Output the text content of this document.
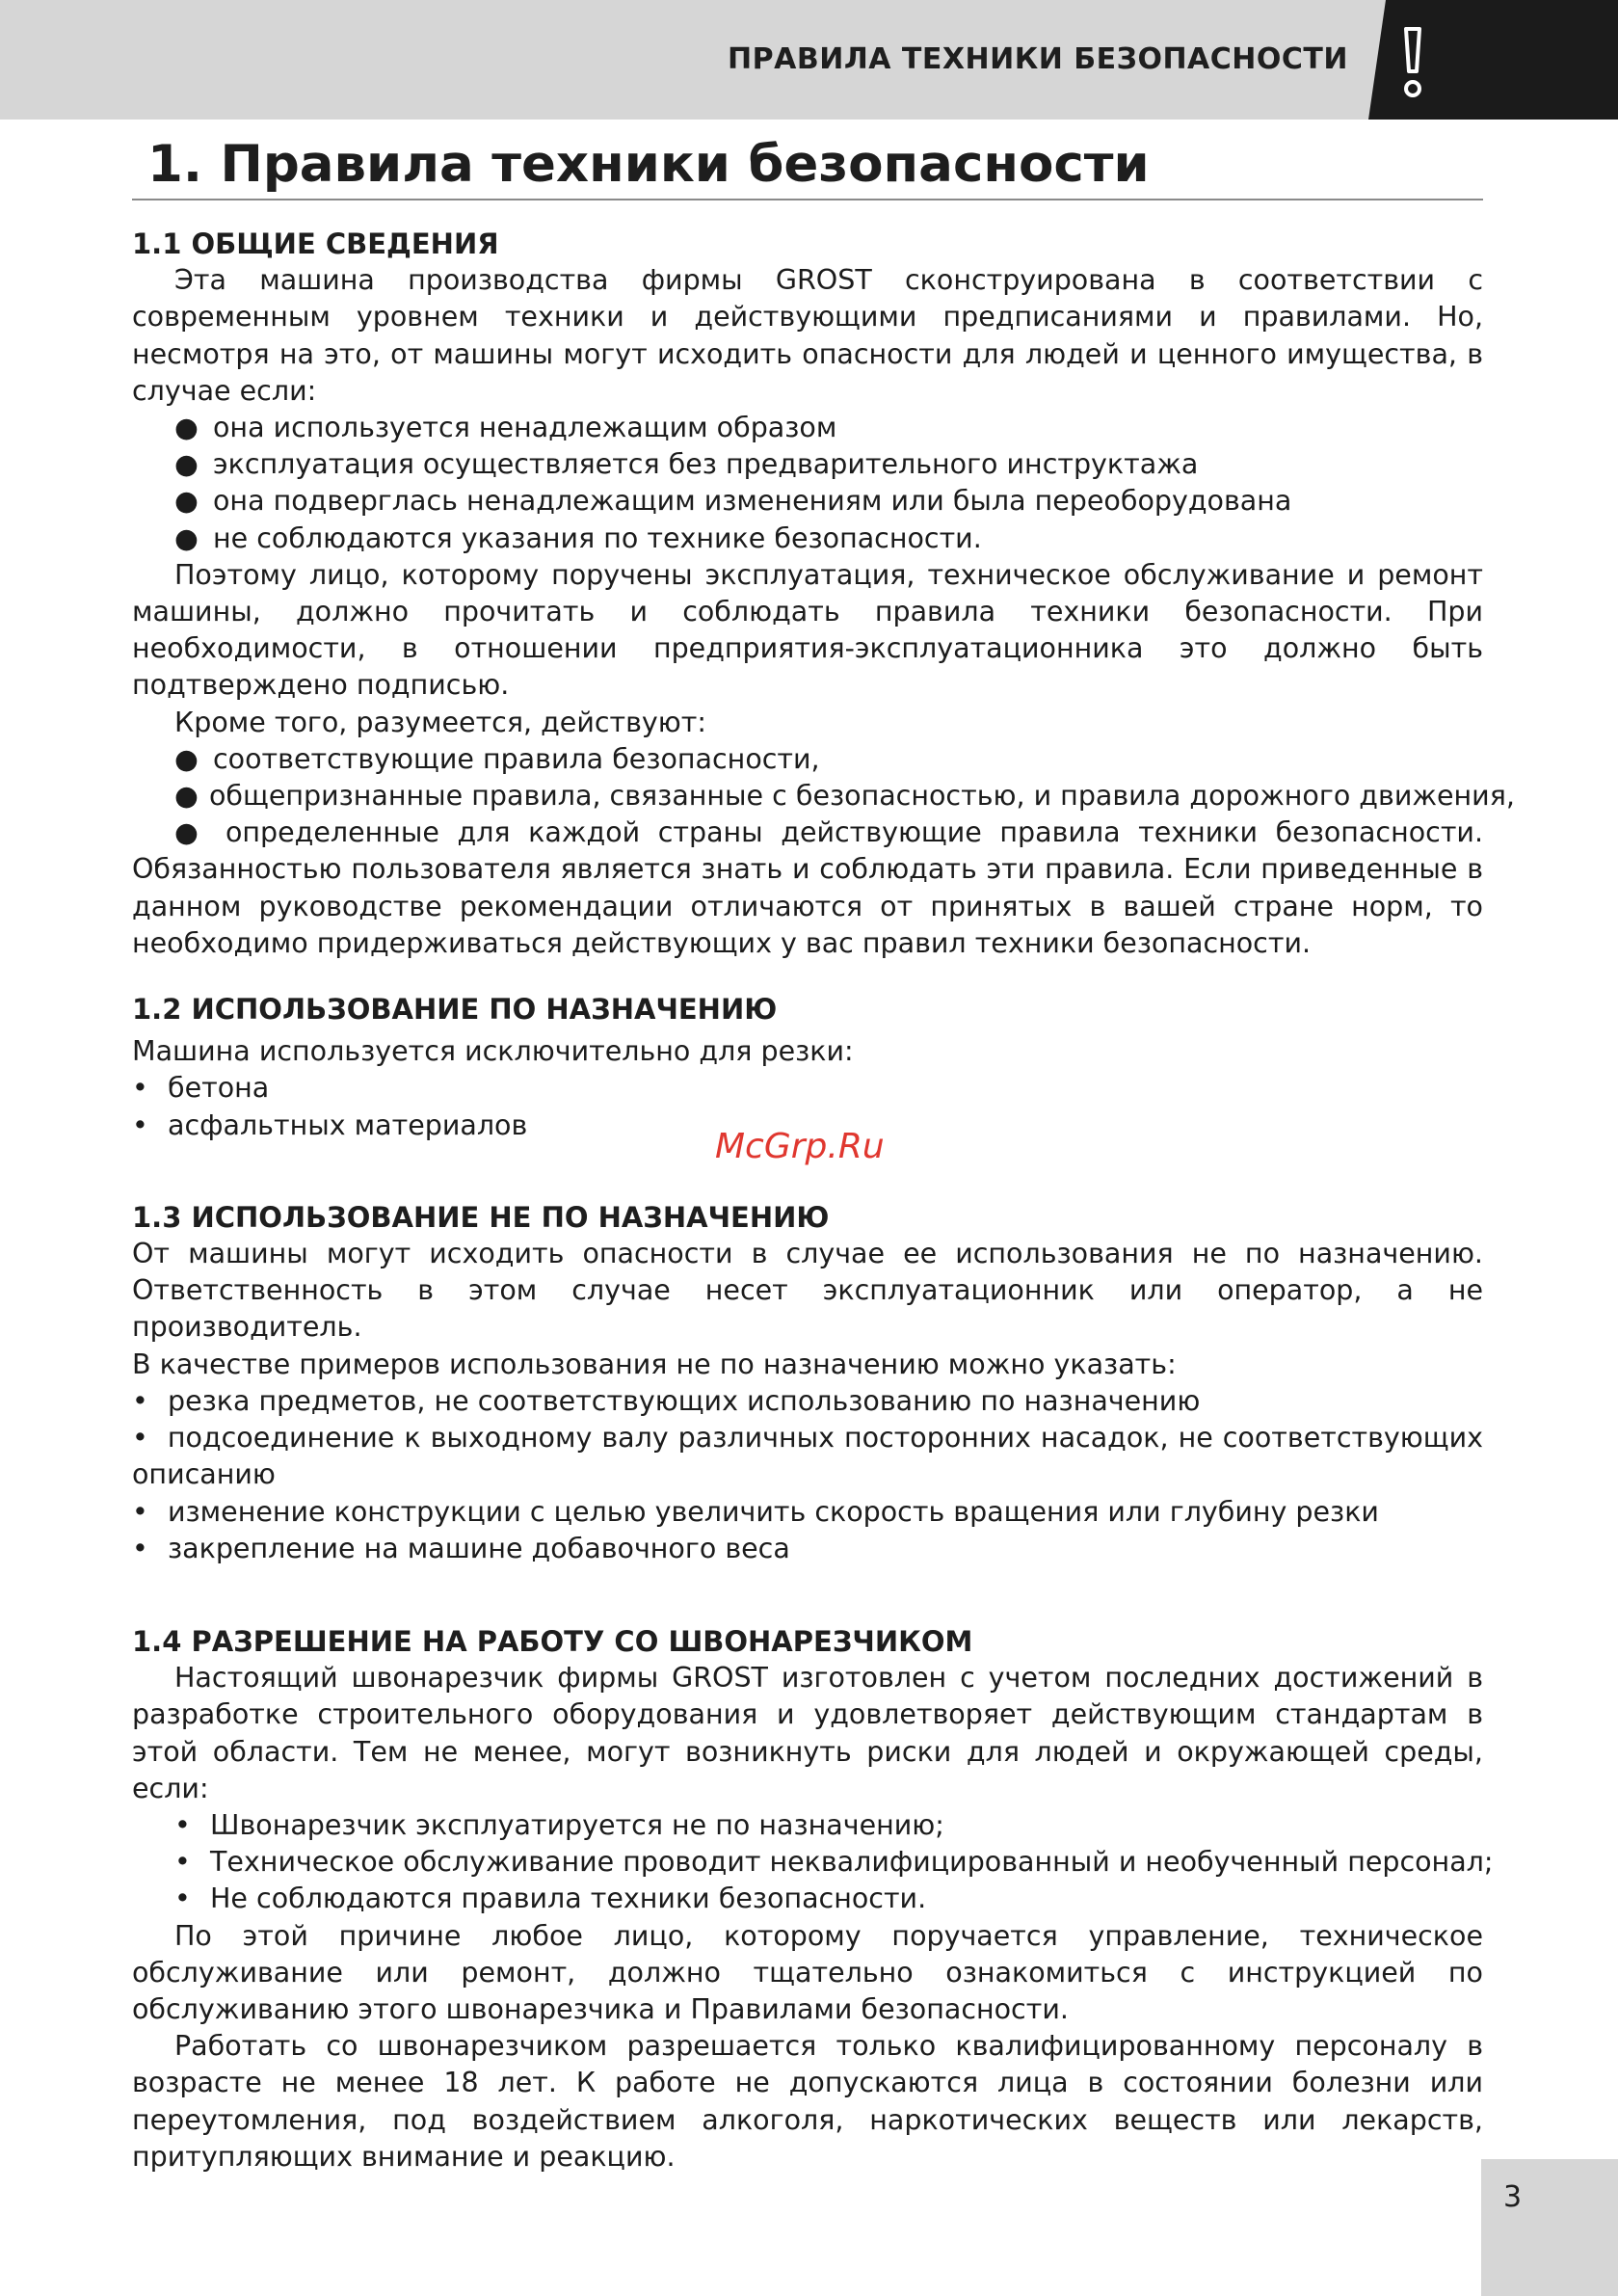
ПРАВИЛА ТЕХНИКИ БЕЗОПАСНОСТИ
1. Правила техники безопасности
1.1 ОБЩИЕ СВЕДЕНИЯ
Эта машина производства фирмы GROST сконструирована в соответствии с современным уровнем техники и действующими предписаниями и правилами. Но, несмотря на это, от машины могут исходить опасности для людей и ценного имущества, в случае если:
● она используется ненадлежащим образом
● эксплуатация осуществляется без предварительного инструктажа
● она подверглась ненадлежащим изменениям или была переоборудована
● не соблюдаются указания по технике безопасности.
Поэтому лицо, которому поручены эксплуатация, техническое обслуживание и ремонт машины, должно прочитать и соблюдать правила техники безопасности. При необходимости, в отношении предприятия-эксплуатационника это должно быть подтверждено подписью.
Кроме того, разумеется, действуют:
● соответствующие правила безопасности,
● общепризнанные правила, связанные с безопасностью, и правила дорожного движения,
● определенные для каждой страны действующие правила техники безопасности. Обязанностью пользователя является знать и соблюдать эти правила. Если приведенные в данном руководстве рекомендации отличаются от принятых в вашей стране норм, то необходимо придерживаться действующих у вас правил техники безопасности.
1.2 ИСПОЛЬЗОВАНИЕ ПО НАЗНАЧЕНИЮ
Машина используется исключительно для резки:
• бетона
• асфальтных материалов
1.3 ИСПОЛЬЗОВАНИЕ НЕ ПО НАЗНАЧЕНИЮ
От машины могут исходить опасности в случае ее использования не по назначению. Ответственность в этом случае несет эксплуатационник или оператор, а не производитель.
В качестве примеров использования не по назначению можно указать:
• резка предметов, не соответствующих использованию по назначению
•  подсоединение к выходному валу различных посторонних насадок, не соответствующих описанию
• изменение конструкции с целью увеличить скорость вращения или глубину резки
• закрепление на машине добавочного веса
1.4 РАЗРЕШЕНИЕ НА РАБОТУ СО ШВОНАРЕЗЧИКОМ
Настоящий швонарезчик фирмы GROST изготовлен с учетом последних достижений в разработке строительного оборудования и удовлетворяет действующим стандартам в этой области. Тем не менее, могут возникнуть риски для людей и окружающей среды, если:
• Швонарезчик эксплуатируется не по назначению;
• Техническое обслуживание проводит неквалифицированный и необученный персонал;
• Не соблюдаются правила техники безопасности.
По этой причине любое лицо, которому поручается управление, техническое обслуживание или ремонт, должно тщательно ознакомиться с инструкцией по обслуживанию этого швонарезчика и Правилами безопасности.
Работать со швонарезчиком разрешается только квалифицированному персоналу в возрасте не менее 18 лет. К работе не допускаются лица в состоянии болезни или переутомления, под воздействием алкоголя, наркотических веществ или лекарств, притупляющих внимание и реакцию.
McGrp.Ru
3
